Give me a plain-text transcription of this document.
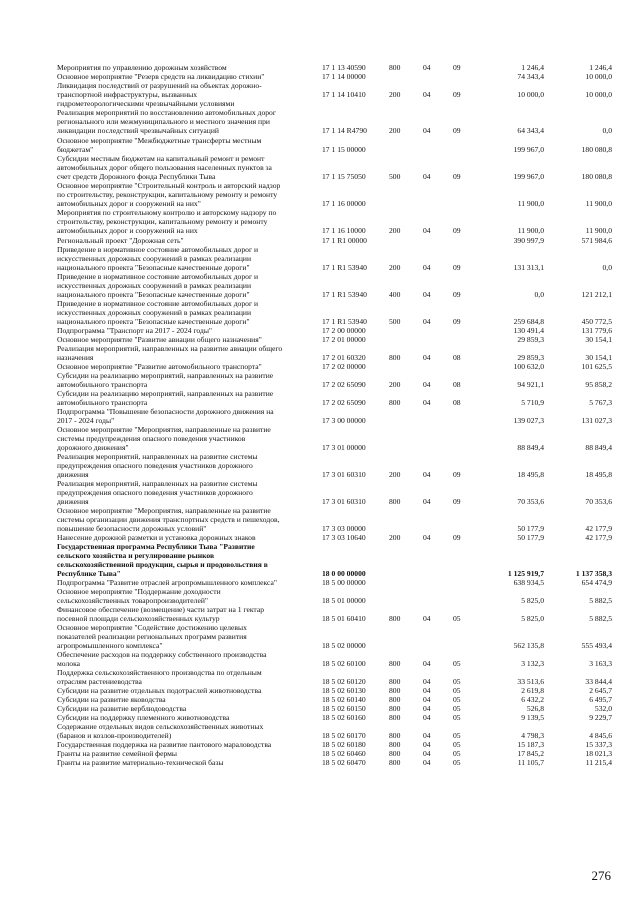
Мероприятия по управлению дорожным хозяйством	17 1 13 40590	800	04	09	1 246,4	1 246,4
Основное мероприятие "Резерв средств на ликвидацию стихии"	17 1 14 00000	74 343,4	10 000,0
Ликвидация последствий от разрушений на объектах дорожно-
транспортной инфраструктуры, вызванных
гидрометеорологическими чрезвычайными условиями
17 1 14 10410	200	04	09	10 000,0	10 000,0
Реализация мероприятий по восстановлению автомобильных дорог
регионального или межмуниципального и местного значения при
ликвидации последствий чрезвычайных ситуаций	17 1 14 R4790	200	04	09	64 343,4	0,0
Основное мероприятие "Межбюджетные трансферты местным
бюджетам"	17 1 15 00000	199 967,0	180 080,8
Субсидии местным бюджетам на капитальный ремонт и ремонт
автомобильных дорог общего пользования населенных пунктов за
счет средств Дорожного фонда Республики Тыва	17 1 15 75050	500	04	09	199 967,0	180 080,8
Основное мероприятие "Строительный контроль и авторский надзор
по строительству, реконструкции, капитальному ремонту и ремонту
автомобильных дорог и сооружений на них"	17 1 16 00000	11 900,0	11 900,0
Мероприятия по строительному контролю и авторскому надзору по
строительству, реконструкции, капитальному ремонту и ремонту
автомобильных дорог и сооружений на них	17 1 16 10000	200	04	09	11 900,0	11 900,0
Региональный проект "Дорожная сеть"	17 1 R1 00000	390 997,9	571 984,6
Приведение в нормативное состояние автомобильных дорог и
искусственных дорожных сооружений в рамках реализации
национального проекта "Безопасные качественные дороги"	17 1 R1 53940	200	04	09	131 313,1	0,0
Приведение в нормативное состояние автомобильных дорог и
искусственных дорожных сооружений в рамках реализации
национального проекта "Безопасные качественные дороги"	17 1 R1 53940	400	04	09	0,0	121 212,1
Приведение в нормативное состояние автомобильных дорог и
искусственных дорожных сооружений в рамках реализации
национального проекта "Безопасные качественные дороги"	17 1 R1 53940	500	04	09	259 684,8	450 772,5
Подпрограмма "Транспорт на 2017 - 2024 годы"	17 2 00 00000	130 491,4	131 779,6
Основное мероприятие "Развитие авиации общего назначения"	17 2 01 00000	29 859,3	30 154,1
Реализация мероприятий, направленных на развитие авиации общего
назначения	17 2 01 60320	800	04	08	29 859,3	30 154,1
Основное мероприятие "Развитие автомобильного транспорта"	17 2 02 00000	100 632,0	101 625,5
Субсидии на реализацию мероприятий, направленных на развитие
автомобильного транспорта	17 2 02 65090	200	04	08	94 921,1	95 858,2
Субсидии на реализацию мероприятий, направленных на развитие
автомобильного транспорта	17 2 02 65090	800	04	08	5 710,9	5 767,3
Подпрограмма "Повышение безопасности дорожного движения на
2017 - 2024 годы"	17 3 00 00000	139 027,3	131 027,3
Основное мероприятие "Мероприятия, направленные на развитие
системы предупреждения опасного поведения участников
дорожного движения"	17 3 01 00000	88 849,4	88 849,4
Реализация мероприятий, направленных на развитие системы
предупреждения опасного поведения участников дорожного
движения	17 3 01 60310	200	04	09	18 495,8	18 495,8
Реализация мероприятий, направленных на развитие системы
предупреждения опасного поведения участников дорожного
движения	17 3 01 60310	800	04	09	70 353,6	70 353,6
Основное мероприятие "Мероприятия, направленные на развитие
системы организации движения транспортных средств и пешеходов,
повышение безопасности дорожных условий"	17 3 03 00000	50 177,9	42 177,9
Нанесение дорожной разметки и установка дорожных знаков	17 3 03 10640	200	04	09	50 177,9	42 177,9
Государственная программа Республики Тыва "Развитие
сельского хозяйства и регулирование рынков
сельскохозяйственной продукции, сырья и продовольствия в
Республике Тыва"	18 0 00 00000	1 125 919,7	1 137 358,3
Подпрограмма "Развитие отраслей агропромышленного комплекса"	18 5 00 00000	638 934,5	654 474,9
Основное мероприятие "Поддержание доходности
сельскохозяйственных товаропроизводителей"	18 5 01 00000	5 825,0	5 882,5
Финансовое обеспечение (возмещение) части затрат на 1 гектар
посевной площади сельскохозяйственных культур	18 5 01 60410	800	04	05	5 825,0	5 882,5
Основное мероприятие "Содействие достижению целевых
показателей реализации региональных программ развития
агропромышленного комплекса"	18 5 02 00000	562 135,8	555 493,4
Обеспечение расходов на поддержку собственного производства
молока	18 5 02 60100	800	04	05	3 132,3	3 163,3
Поддержка сельскохозяйственного производства по отдельным
отраслям растениеводства	18 5 02 60120	800	04	05	33 513,6	33 844,4
Субсидии на развитие отдельных подотраслей животноводства	18 5 02 60130	800	04	05	2 619,8	2 645,7
Субсидии на развитие яководства	18 5 02 60140	800	04	05	6 432,2	6 495,7
Субсидии на развитие верблюдоводства	18 5 02 60150	800	04	05	526,8	532,0
Субсидии на поддержку племенного животноводства	18 5 02 60160	800	04	05	9 139,5	9 229,7
Содержание отдельных видов сельскохозяйственных животных
(баранов и козлов-производителей)	18 5 02 60170	800	04	05	4 798,3	4 845,6
Государственная поддержка на развитие пантового мараловодства	18 5 02 60180	800	04	05	15 187,3	15 337,3
Гранты на развитие семейной фермы	18 5 02 60460	800	04	05	17 845,2	18 021,3
Гранты на развитие материально-технической базы	18 5 02 60470	800	04	05	11 105,7	11 215,4
276
